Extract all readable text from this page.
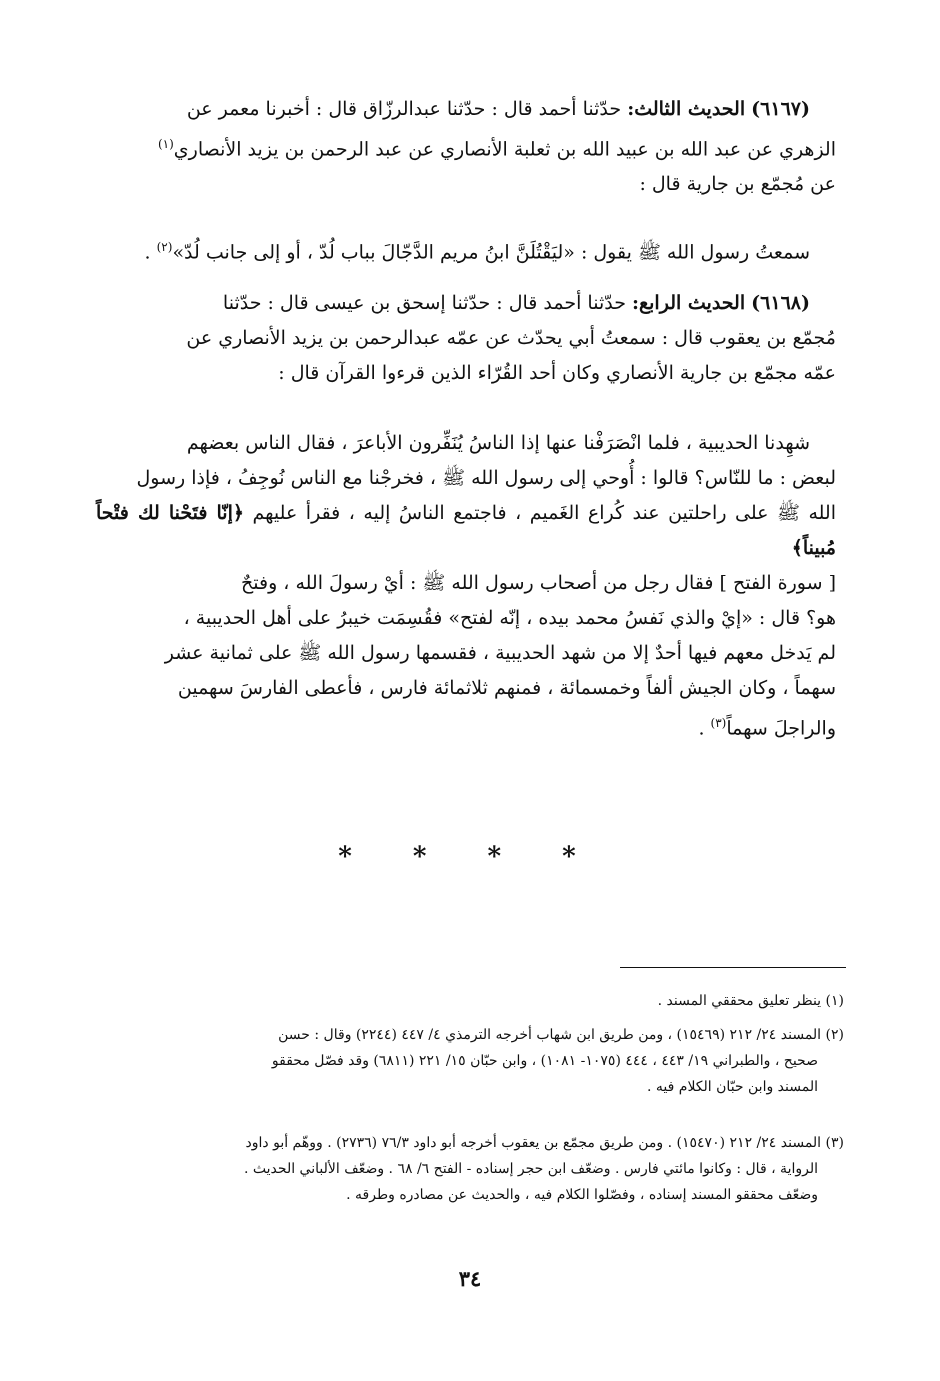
(٦١٦٧) الحديث الثالث: حدّثنا أحمد قال : حدّثنا عبدالرزّاق قال : أخبرنا معمر عن

الزهري عن عبد الله بن عبيد الله بن ثعلبة الأنصاري عن عبد الرحمن بن يزيد الأنصاري$^{(١)}$

عن مُجمّع بن جارية قال :

سمعتُ رسول الله ﷺ يقول : «ليَقْتُلَنَّ ابنُ مريم الدَّجّالَ بباب لُدّ ، أو إلى جانب لُدّ»$^{(٢)}$ .

(٦١٦٨) الحديث الرابع: حدّثنا أحمد قال : حدّثنا إسحق بن عيسى قال : حدّثنا

مُجمّع بن يعقوب قال : سمعتُ أبي يحدّث عن عمّه عبدالرحمن بن يزيد الأنصاري عن

عمّه مجمّع بن جارية الأنصاري وكان أحد القُرّاء الذين قرءوا القرآن قال :

شهِدنا الحديبية ، فلما انْصَرَفْنا عنها إذا الناسُ يُنَفِّرون الأباعرَ ، فقال الناس بعضهم

لبعض : ما للنّاس؟ قالوا : أُوحي إلى رسول الله ﷺ ، فخرجْنا مع الناس نُوجِفُ ، فإذا رسول

الله ﷺ على راحلتين عند كُراع الغَميم ، فاجتمع الناسُ إليه ، فقرأ عليهم ﴿إنّا فتَحْنا لك فتْحاً مُبيناً﴾

[ سورة الفتح ] فقال رجل من أصحاب رسول الله ﷺ : أيْ رسولَ الله ، وفتحٌ

هو؟ قال : «إيْ والذي نَفسُ محمد بيده ، إنّه لفتح» فقُسِمَت خيبرُ على أهل الحديبية ،

لم يَدخل معهم فيها أحدٌ إلا من شهد الحديبية ، فقسمها رسول الله ﷺ على ثمانية عشر

سهماً ، وكان الجيش ألفاً وخمسمائة ، فمنهم ثلاثمائة فارس ، فأعطى الفارسَ سهمين

والراجلَ سهماً$^{(٣)}$ .

* * * *
(١) ينظر تعليق محققي المسند .
(٢) المسند ٢٤/ ٢١٢ (١٥٤٦٩) ، ومن طريق ابن شهاب أخرجه الترمذي ٤/ ٤٤٧ (٢٢٤٤) وقال : حسن
صحيح ، والطبراني ١٩/ ٤٤٣ ، ٤٤٤ (١٠٧٥- ١٠٨١) ، وابن حبّان ١٥/ ٢٢١ (٦٨١١) وقد فصّل محققو
المسند وابن حبّان الكلام فيه .
(٣) المسند ٢٤/ ٢١٢ (١٥٤٧٠) . ومن طريق مجمّع بن يعقوب أخرجه أبو داود ٧٦/٣ (٢٧٣٦) . ووهّم أبو داود
الرواية ، قال : وكانوا مائتي فارس . وضعّف ابن حجر إسناده - الفتح ٦/ ٦٨ . وضعّف الألباني الحديث .
وضعّف محققو المسند إسناده ، وفصّلوا الكلام فيه ، والحديث عن مصادره وطرقه .
٣٤
